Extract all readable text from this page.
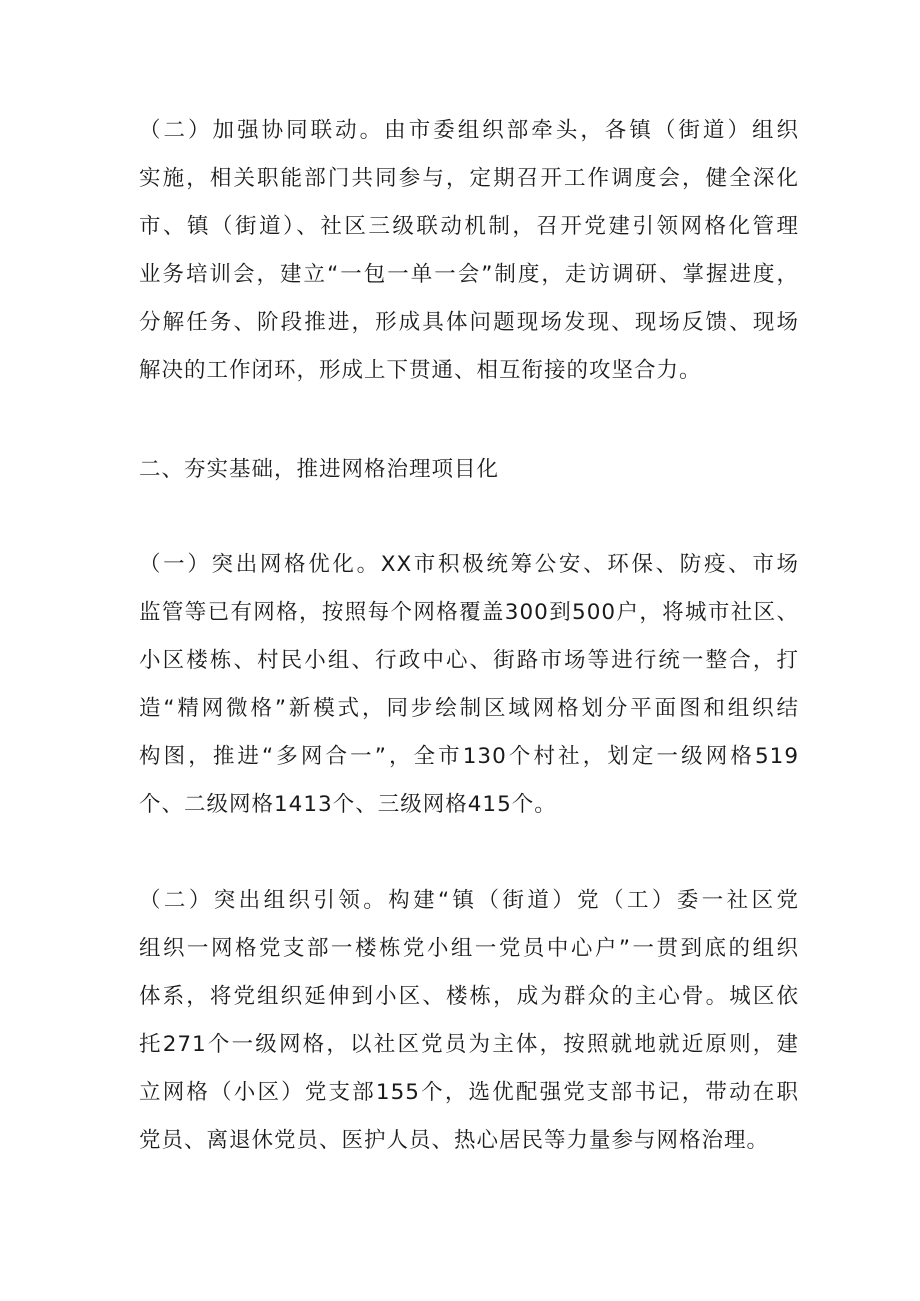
（二）加强协同联动。由市委组织部牵头，各镇（街道）组织
实施，相关职能部门共同参与，定期召开工作调度会，健全深化
市、镇（街道）、社区三级联动机制，召开党建引领网格化管理
业务培训会，建立“一包一单一会”制度，走访调研、掌握进度，
分解任务、阶段推进，形成具体问题现场发现、现场反馈、现场
解决的工作闭环，形成上下贯通、相互衔接的攻坚合力。
二、夯实基础，推进网格治理项目化
（一）突出网格优化。XX市积极统筹公安、环保、防疫、市场
监管等已有网格，按照每个网格覆盖300到500户，将城市社区、
小区楼栋、村民小组、行政中心、街路市场等进行统一整合，打
造“精网微格”新模式，同步绘制区域网格划分平面图和组织结
构图，推进“多网合一”，全市130个村社，划定一级网格519
个、二级网格1413个、三级网格415个。
（二）突出组织引领。构建“镇（街道）党（工）委一社区党
组织一网格党支部一楼栋党小组一党员中心户”一贯到底的组织
体系，将党组织延伸到小区、楼栋，成为群众的主心骨。城区依
托271个一级网格，以社区党员为主体，按照就地就近原则，建
立网格（小区）党支部155个，选优配强党支部书记，带动在职
党员、离退休党员、医护人员、热心居民等力量参与网格治理。
